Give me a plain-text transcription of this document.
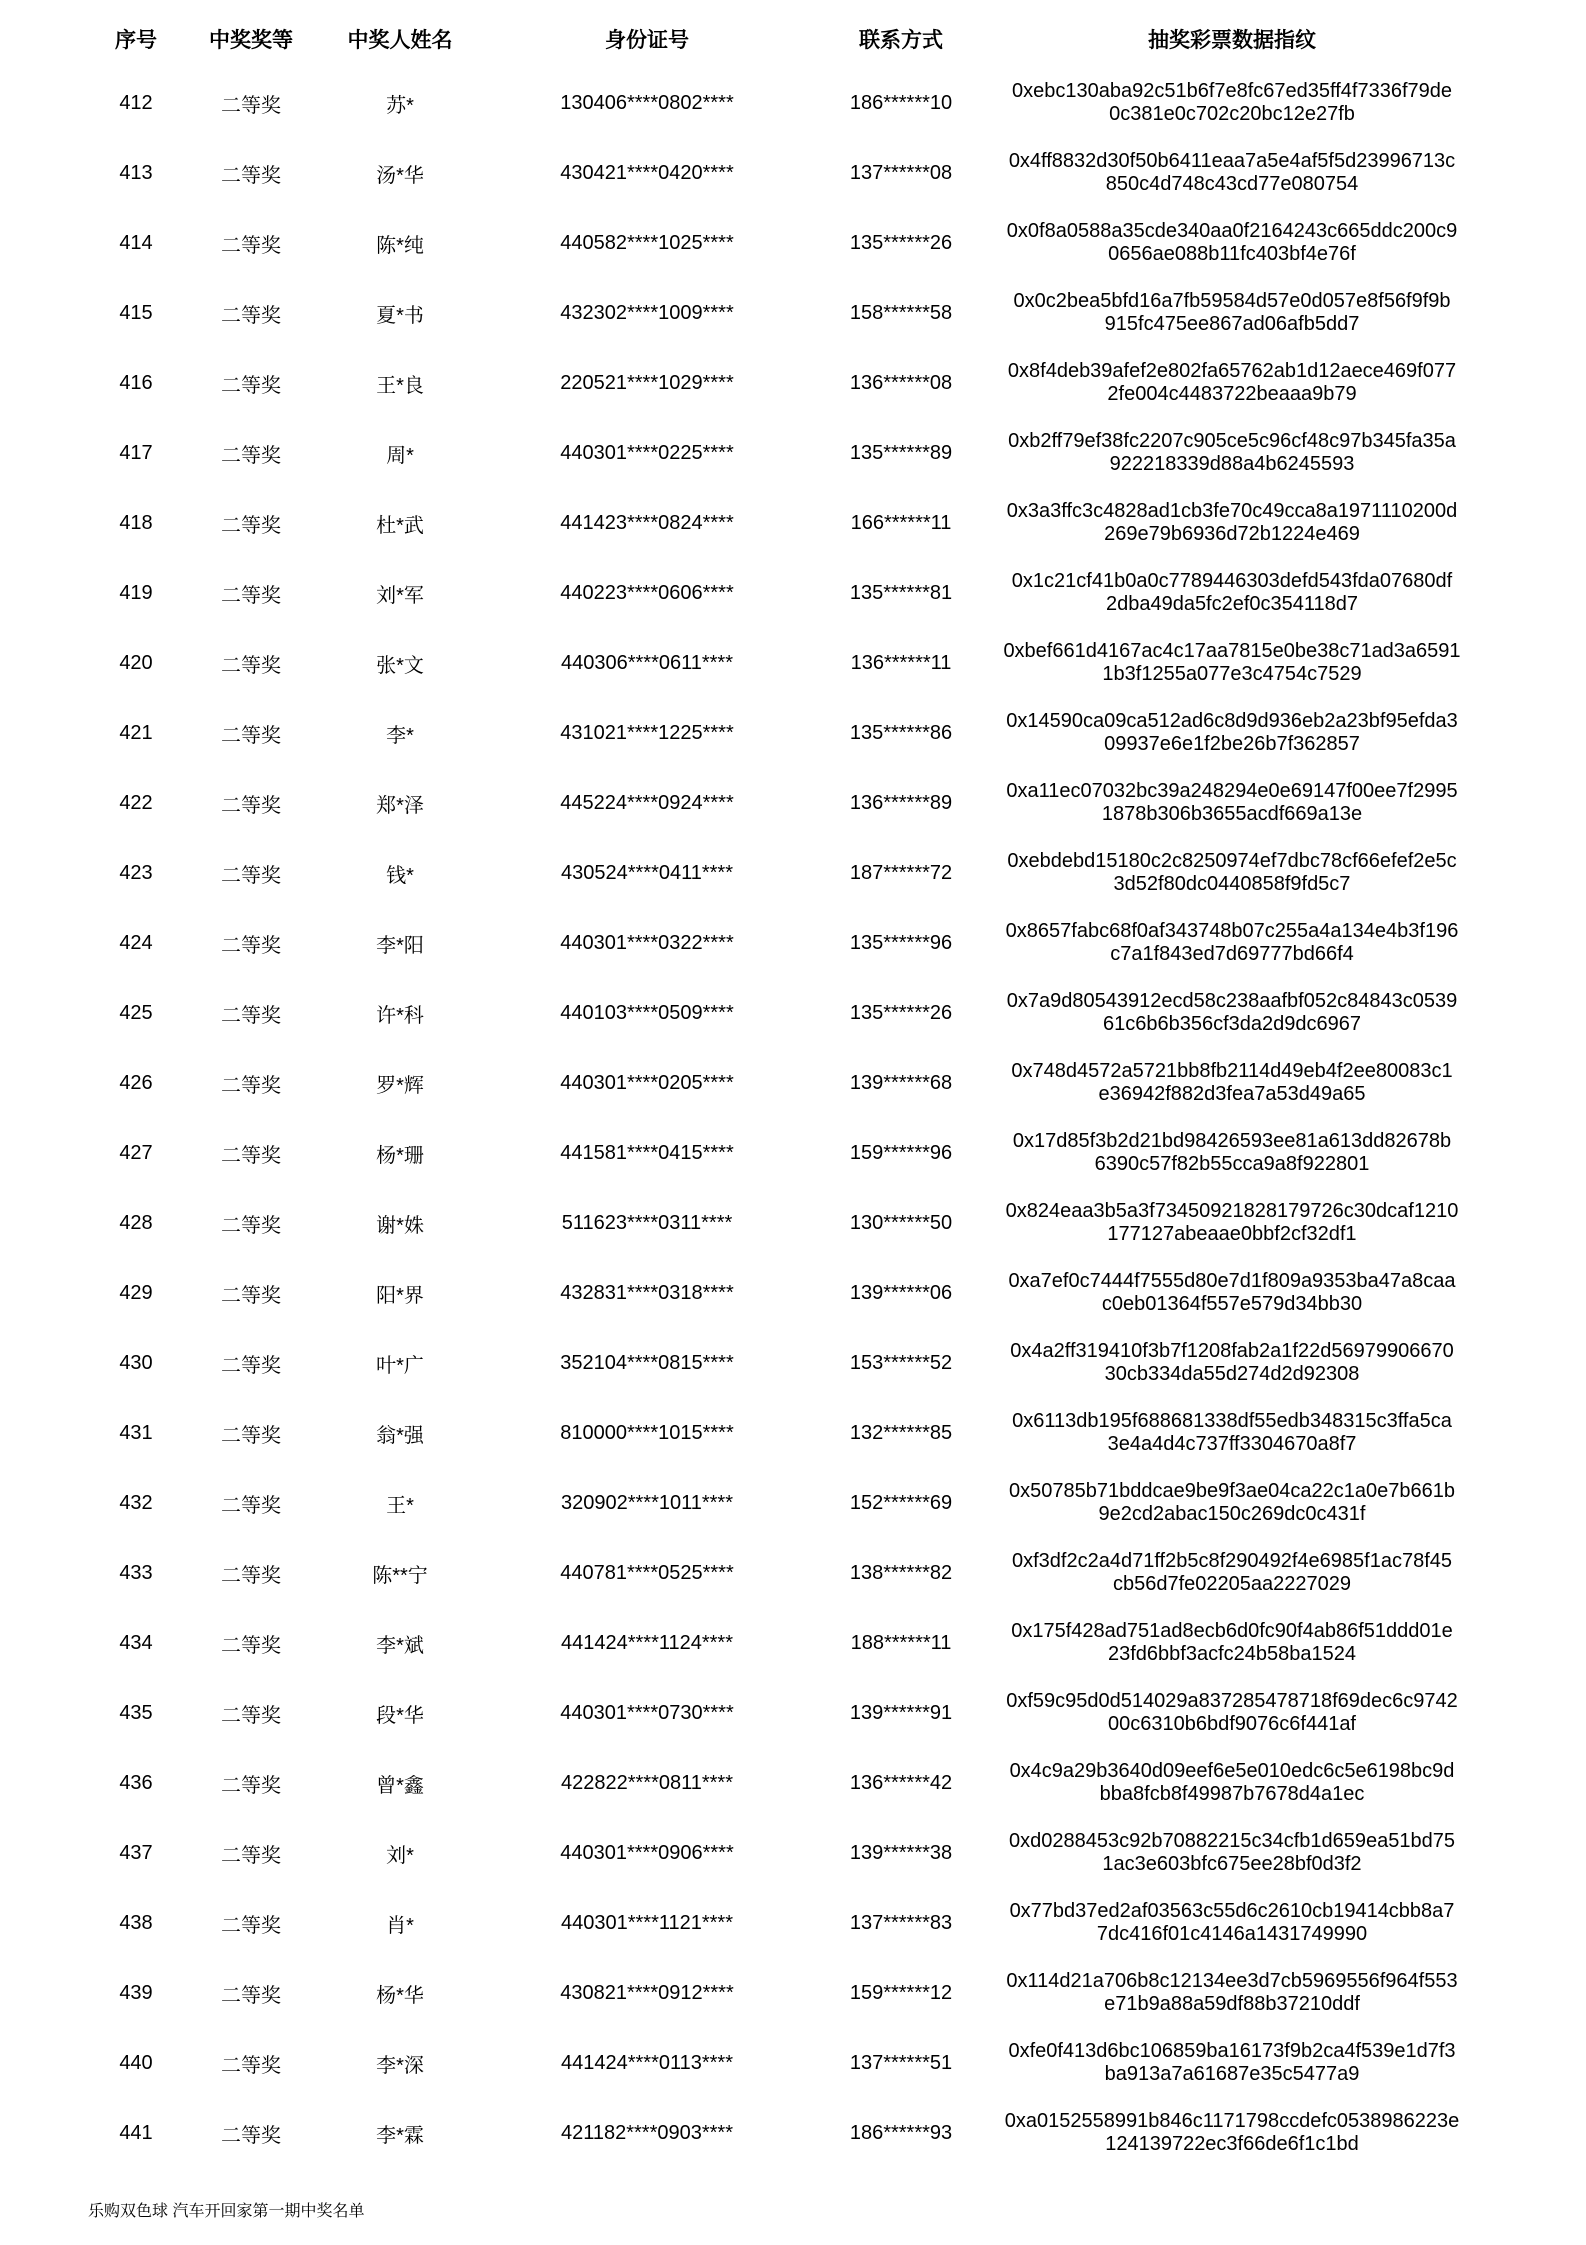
序号	中奖奖等	中奖人姓名	身份证号	联系方式	抽奖彩票数据指纹
412	二等奖	苏*	130406****0802****	186******10	0xebc130aba92c51b6f7e8fc67ed35ff4f7336f79de
0c381e0c702c20bc12e27fb
413	二等奖	汤*华	430421****0420****	137******08	0x4ff8832d30f50b6411eaa7a5e4af5f5d23996713c
850c4d748c43cd77e080754
414	二等奖	陈*纯	440582****1025****	135******26	0x0f8a0588a35cde340aa0f2164243c665ddc200c9
0656ae088b11fc403bf4e76f
415	二等奖	夏*书	432302****1009****	158******58	0x0c2bea5bfd16a7fb59584d57e0d057e8f56f9f9b
915fc475ee867ad06afb5dd7
416	二等奖	王*良	220521****1029****	136******08	0x8f4deb39afef2e802fa65762ab1d12aece469f077
2fe004c4483722beaaa9b79
417	二等奖	周*	440301****0225****	135******89	0xb2ff79ef38fc2207c905ce5c96cf48c97b345fa35a
922218339d88a4b6245593
418	二等奖	杜*武	441423****0824****	166******11	0x3a3ffc3c4828ad1cb3fe70c49cca8a1971110200d
269e79b6936d72b1224e469
419	二等奖	刘*军	440223****0606****	135******81	0x1c21cf41b0a0c7789446303defd543fda07680df
2dba49da5fc2ef0c354118d7
420	二等奖	张*文	440306****0611****	136******11	0xbef661d4167ac4c17aa7815e0be38c71ad3a6591
1b3f1255a077e3c4754c7529
421	二等奖	李*	431021****1225****	135******86	0x14590ca09ca512ad6c8d9d936eb2a23bf95efda3
09937e6e1f2be26b7f362857
422	二等奖	郑*泽	445224****0924****	136******89	0xa11ec07032bc39a248294e0e69147f00ee7f2995
1878b306b3655acdf669a13e
423	二等奖	钱*	430524****0411****	187******72	0xebdebd15180c2c8250974ef7dbc78cf66efef2e5c
3d52f80dc0440858f9fd5c7
424	二等奖	李*阳	440301****0322****	135******96	0x8657fabc68f0af343748b07c255a4a134e4b3f196
c7a1f843ed7d69777bd66f4
425	二等奖	许*科	440103****0509****	135******26	0x7a9d80543912ecd58c238aafbf052c84843c0539
61c6b6b356cf3da2d9dc6967
426	二等奖	罗*辉	440301****0205****	139******68	0x748d4572a5721bb8fb2114d49eb4f2ee80083c1
e36942f882d3fea7a53d49a65
427	二等奖	杨*珊	441581****0415****	159******96	0x17d85f3b2d21bd98426593ee81a613dd82678b
6390c57f82b55cca9a8f922801
428	二等奖	谢*姝	511623****0311****	130******50	0x824eaa3b5a3f73450921828179726c30dcaf1210
177127abeaae0bbf2cf32df1
429	二等奖	阳*界	432831****0318****	139******06	0xa7ef0c7444f7555d80e7d1f809a9353ba47a8caa
c0eb01364f557e579d34bb30
430	二等奖	叶*广	352104****0815****	153******52	0x4a2ff319410f3b7f1208fab2a1f22d56979906670
30cb334da55d274d2d92308
431	二等奖	翁*强	810000****1015****	132******85	0x6113db195f688681338df55edb348315c3ffa5ca
3e4a4d4c737ff3304670a8f7
432	二等奖	王*	320902****1011****	152******69	0x50785b71bddcae9be9f3ae04ca22c1a0e7b661b
9e2cd2abac150c269dc0c431f
433	二等奖	陈**宁	440781****0525****	138******82	0xf3df2c2a4d71ff2b5c8f290492f4e6985f1ac78f45
cb56d7fe02205aa2227029
434	二等奖	李*斌	441424****1124****	188******11	0x175f428ad751ad8ecb6d0fc90f4ab86f51ddd01e
23fd6bbf3acfc24b58ba1524
435	二等奖	段*华	440301****0730****	139******91	0xf59c95d0d514029a837285478718f69dec6c9742
00c6310b6bdf9076c6f441af
436	二等奖	曾*鑫	422822****0811****	136******42	0x4c9a29b3640d09eef6e5e010edc6c5e6198bc9d
bba8fcb8f49987b7678d4a1ec
437	二等奖	刘*	440301****0906****	139******38	0xd0288453c92b70882215c34cfb1d659ea51bd75
1ac3e603bfc675ee28bf0d3f2
438	二等奖	肖*	440301****1121****	137******83	0x77bd37ed2af03563c55d6c2610cb19414cbb8a7
7dc416f01c4146a1431749990
439	二等奖	杨*华	430821****0912****	159******12	0x114d21a706b8c12134ee3d7cb5969556f964f553
e71b9a88a59df88b37210ddf
440	二等奖	李*深	441424****0113****	137******51	0xfe0f413d6bc106859ba16173f9b2ca4f539e1d7f3
ba913a7a61687e35c5477a9
441	二等奖	李*霖	421182****0903****	186******93	0xa0152558991b846c1171798ccdefc0538986223e
124139722ec3f66de6f1c1bd
乐购双色球 汽车开回家第一期中奖名单
